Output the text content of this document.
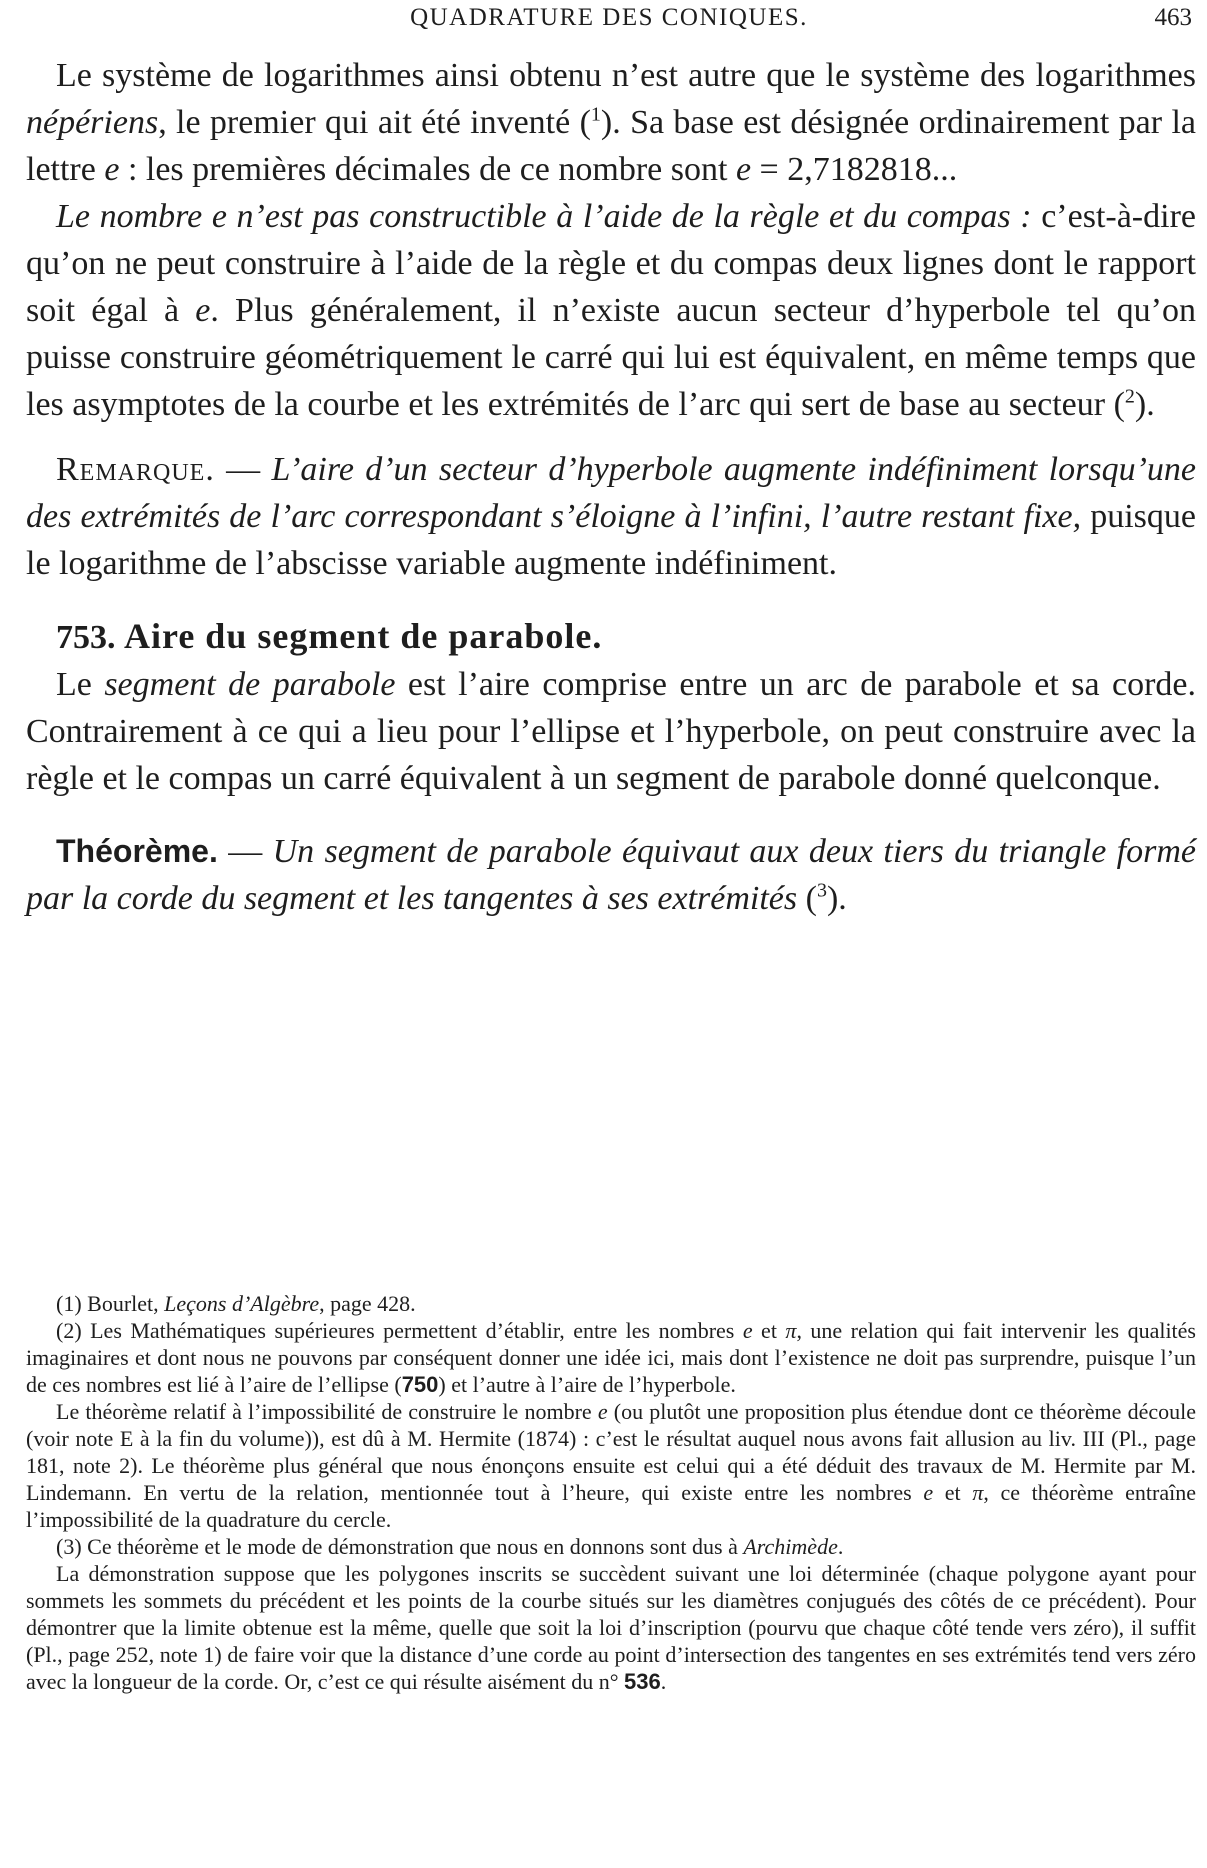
QUADRATURE DES CONIQUES.	463

Le système de logarithmes ainsi obtenu n’est autre que le système des logarithmes népériens, le premier qui ait été inventé ($^1$). Sa base est désignée ordinairement par la lettre e : les premières décimales de ce nombre sont e = 2,7182818...

Le nombre e n’est pas constructible à l’aide de la règle et du compas : c’est-à-dire qu’on ne peut construire à l’aide de la règle et du compas deux lignes dont le rapport soit égal à e. Plus généralement, il n’existe aucun secteur d’hyperbole tel qu’on puisse construire géométriquement le carré qui lui est équivalent, en même temps que les asymptotes de la courbe et les extrémités de l’arc qui sert de base au secteur ($^2$).

Remarque. — L’aire d’un secteur d’hyperbole augmente indéfiniment lorsqu’une des extrémités de l’arc correspondant s’éloigne à l’infini, l’autre restant fixe, puisque le logarithme de l’abscisse variable augmente indéfiniment.

753. Aire du segment de parabole.

Le segment de parabole est l’aire comprise entre un arc de parabole et sa corde. Contrairement à ce qui a lieu pour l’ellipse et l’hyperbole, on peut construire avec la règle et le compas un carré équivalent à un segment de parabole donné quelconque.

Théorème. — Un segment de parabole équivaut aux deux tiers du triangle formé par la corde du segment et les tangentes à ses extrémités ($^3$).

(1) Bourlet, Leçons d’Algèbre, page 428.

(2) Les Mathématiques supérieures permettent d’établir, entre les nombres e et π, une relation qui fait intervenir les qualités imaginaires et dont nous ne pouvons par conséquent donner une idée ici, mais dont l’existence ne doit pas surprendre, puisque l’un de ces nombres est lié à l’aire de l’ellipse (750) et l’autre à l’aire de l’hyperbole.

Le théorème relatif à l’impossibilité de construire le nombre e (ou plutôt une proposition plus étendue dont ce théorème découle (voir note E à la fin du volume)), est dû à M. Hermite (1874) : c’est le résultat auquel nous avons fait allusion au liv. III (Pl., page 181, note 2). Le théorème plus général que nous énonçons ensuite est celui qui a été déduit des travaux de M. Hermite par M. Lindemann. En vertu de la relation, mentionnée tout à l’heure, qui existe entre les nombres e et π, ce théorème entraîne l’impossibilité de la quadrature du cercle.

(3) Ce théorème et le mode de démonstration que nous en donnons sont dus à Archimède.

La démonstration suppose que les polygones inscrits se succèdent suivant une loi déterminée (chaque polygone ayant pour sommets les sommets du précédent et les points de la courbe situés sur les diamètres conjugués des côtés de ce précédent). Pour démontrer que la limite obtenue est la même, quelle que soit la loi d’inscription (pourvu que chaque côté tende vers zéro), il suffit (Pl., page 252, note 1) de faire voir que la distance d’une corde au point d’intersection des tangentes en ses extrémités tend vers zéro avec la longueur de la corde. Or, c’est ce qui résulte aisément du n° 536.
